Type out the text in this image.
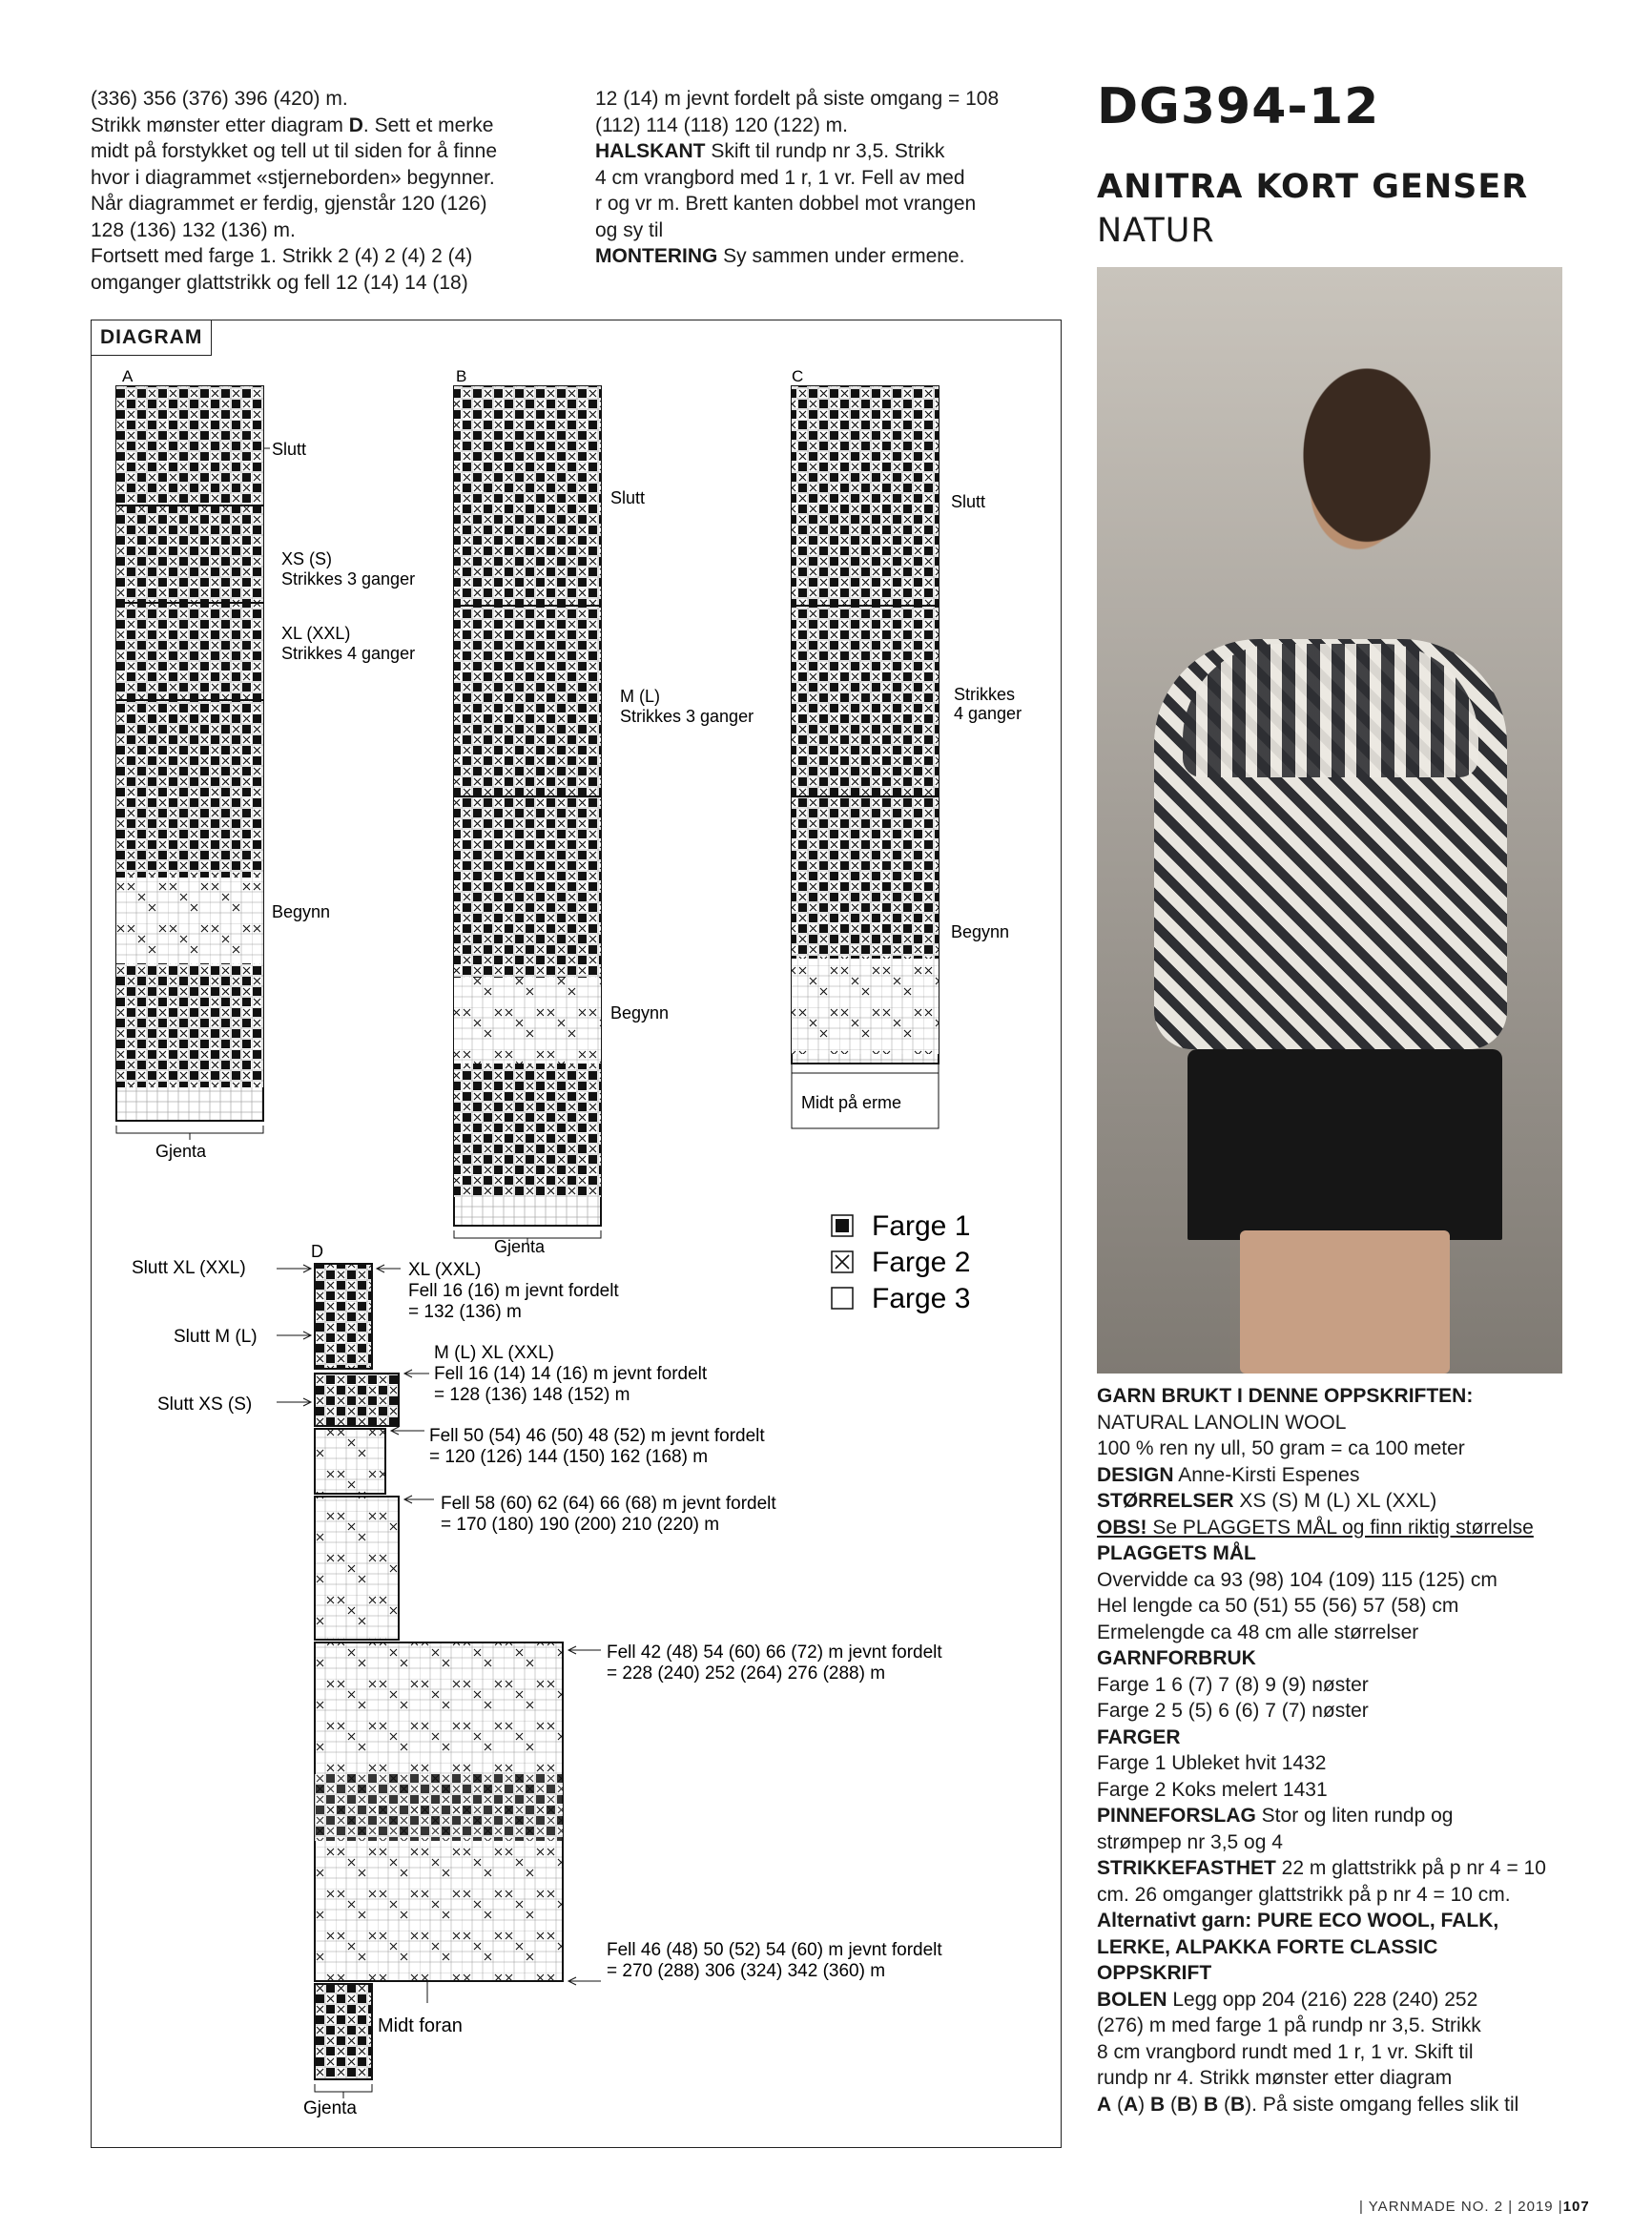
(336) 356 (376) 396 (420) m.

Strikk mønster etter diagram D. Sett et merke

midt på forstykket og tell ut til siden for å finne

hvor i diagrammet «stjerneborden» begynner.

Når diagrammet er ferdig, gjenstår 120 (126)

128 (136) 132 (136) m.

Fortsett med farge 1. Strikk 2 (4) 2 (4) 2 (4)

omganger glattstrikk og fell 12 (14) 14 (18)

12 (14) m jevnt fordelt på siste omgang = 108

(112) 114 (118) 120 (122) m.

HALSKANT Skift til rundp nr 3,5. Strikk

4 cm vrangbord med 1 r, 1 vr. Fell av med

r og vr m. Brett kanten dobbel mot vrangen

og sy til

MONTERING Sy sammen under ermene.

DG394-12
ANITRA KORT GENSER
NATUR

GARN BRUKT I DENNE OPPSKRIFTEN:

NATURAL LANOLIN WOOL

100 % ren ny ull, 50 gram = ca 100 meter

DESIGN Anne-Kirsti Espenes

STØRRELSER XS (S) M (L) XL (XXL)

OBS! Se PLAGGETS MÅL og finn riktig størrelse

PLAGGETS MÅL

Overvidde ca 93 (98) 104 (109) 115 (125) cm

Hel lengde ca 50 (51) 55 (56) 57 (58) cm

Ermelengde ca 48 cm alle størrelser

GARNFORBRUK

Farge 1 6 (7) 7 (8) 9 (9) nøster

Farge 2 5 (5) 6 (6) 7 (7) nøster

FARGER

Farge 1 Ubleket hvit 1432

Farge 2 Koks melert 1431

PINNEFORSLAG Stor og liten rundp og

strømpep nr 3,5 og 4

STRIKKEFASTHET 22 m glattstrikk på p nr 4 = 10

cm. 26 omganger glattstrikk på p nr 4 = 10 cm.

Alternativt garn: PURE ECO WOOL, FALK,

LERKE, ALPAKKA FORTE CLASSIC

OPPSKRIFT

BOLEN Legg opp 204 (216) 228 (240) 252

(276) m med farge 1 på rundp nr 3,5. Strikk

8 cm vrangbord rundt med 1 r, 1 vr. Skift til

rundp nr 4. Strikk mønster etter diagram

A (A) B (B) B (B). På siste omgang felles slik til

DIAGRAM
A
Slutt
XS (S)
Strikkes 3 ganger
XL (XXL)
Strikkes 4 ganger
Begynn
Gjenta
B
Slutt
M (L)
Strikkes 3 ganger
Begynn
Gjenta
C
Slutt
Strikkes
4 ganger
Begynn
Midt på erme
Farge 1
Farge 2
Farge 3
D
Slutt XL (XXL)
Slutt M (L)
Slutt XS (S)
XL (XXL)
Fell 16 (16) m jevnt fordelt
= 132 (136) m
M (L) XL (XXL)
Fell 16 (14) 14 (16) m jevnt fordelt
= 128 (136) 148 (152) m
Fell 50 (54) 46 (50) 48 (52) m jevnt fordelt
= 120 (126) 144 (150) 162 (168) m
Fell 58 (60) 62 (64) 66 (68) m jevnt fordelt
= 170 (180) 190 (200) 210 (220) m
Fell 42 (48) 54 (60) 66 (72) m jevnt fordelt
= 228 (240) 252 (264) 276 (288) m
Fell 46 (48) 50 (52) 54 (60) m jevnt fordelt
= 270 (288) 306 (324) 342 (360) m
Midt foran
Gjenta
| YARNMADE NO. 2 | 2019 |107
